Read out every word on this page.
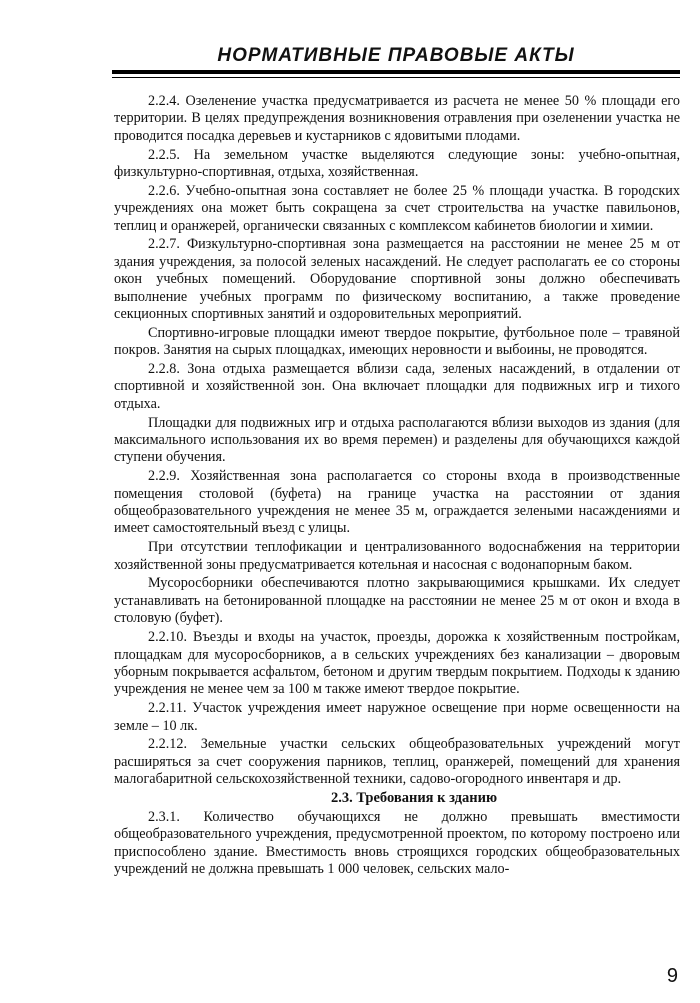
НОРМАТИВНЫЕ ПРАВОВЫЕ АКТЫ

2.2.4. Озеленение участка предусматривается из расчета не менее 50 % площади его территории. В целях предупреждения возникновения отравления при озеленении участка не проводится посадка деревьев и кустарников с ядовитыми плодами.

2.2.5. На земельном участке выделяются следующие зоны: учебно-опытная, физкультурно-спортивная, отдыха, хозяйственная.

2.2.6. Учебно-опытная зона составляет не более 25 % площади участка. В городских учреждениях она может быть сокращена за счет строительства на участке павильонов, теплиц и оранжерей, органически связанных с комплексом кабинетов биологии и химии.

2.2.7. Физкультурно-спортивная зона размещается на расстоянии не менее 25 м от здания учреждения, за полосой зеленых насаждений. Не следует располагать ее со стороны окон учебных помещений. Оборудование спортивной зоны должно обеспечивать выполнение учебных программ по физическому воспитанию, а также проведение секционных спортивных занятий и оздоровительных мероприятий.

Спортивно-игровые площадки имеют твердое покрытие, футбольное поле – травяной покров. Занятия на сырых площадках, имеющих неровности и выбоины, не проводятся.

2.2.8. Зона отдыха размещается вблизи сада, зеленых насаждений, в отдалении от спортивной и хозяйственной зон. Она включает площадки для подвижных игр и тихого отдыха.

Площадки для подвижных игр и отдыха располагаются вблизи выходов из здания (для максимального использования их во время перемен) и разделены для обучающихся каждой ступени обучения.

2.2.9. Хозяйственная зона располагается со стороны входа в производственные помещения столовой (буфета) на границе участка на расстоянии от здания общеобразовательного учреждения не менее 35 м, ограждается зелеными насаждениями и имеет самостоятельный въезд с улицы.

При отсутствии теплофикации и централизованного водоснабжения на территории хозяйственной зоны предусматривается котельная и насосная с водонапорным баком.

Мусоросборники обеспечиваются плотно закрывающимися крышками. Их следует устанавливать на бетонированной площадке на расстоянии не менее 25 м от окон и входа в столовую (буфет).

2.2.10. Въезды и входы на участок, проезды, дорожка к хозяйственным постройкам, площадкам для мусоросборников, а в сельских учреждениях без канализации – дворовым уборным покрывается асфальтом, бетоном и другим твердым покрытием. Подходы к зданию учреждения не менее чем за 100 м также имеют твердое покрытие.

2.2.11. Участок учреждения имеет наружное освещение при норме освещенности на земле – 10 лк.

2.2.12. Земельные участки сельских общеобразовательных учреждений могут расширяться за счет сооружения парников, теплиц, оранжерей, помещений для хранения малогабаритной сельскохозяйственной техники, садово-огородного инвентаря и др.

2.3. Требования к зданию

2.3.1. Количество обучающихся не должно превышать вместимости общеобразовательного учреждения, предусмотренной проектом, по которому построено или приспособлено здание. Вместимость вновь строящихся городских общеобразовательных учреждений не должна превышать 1 000 человек, сельских мало-

9
